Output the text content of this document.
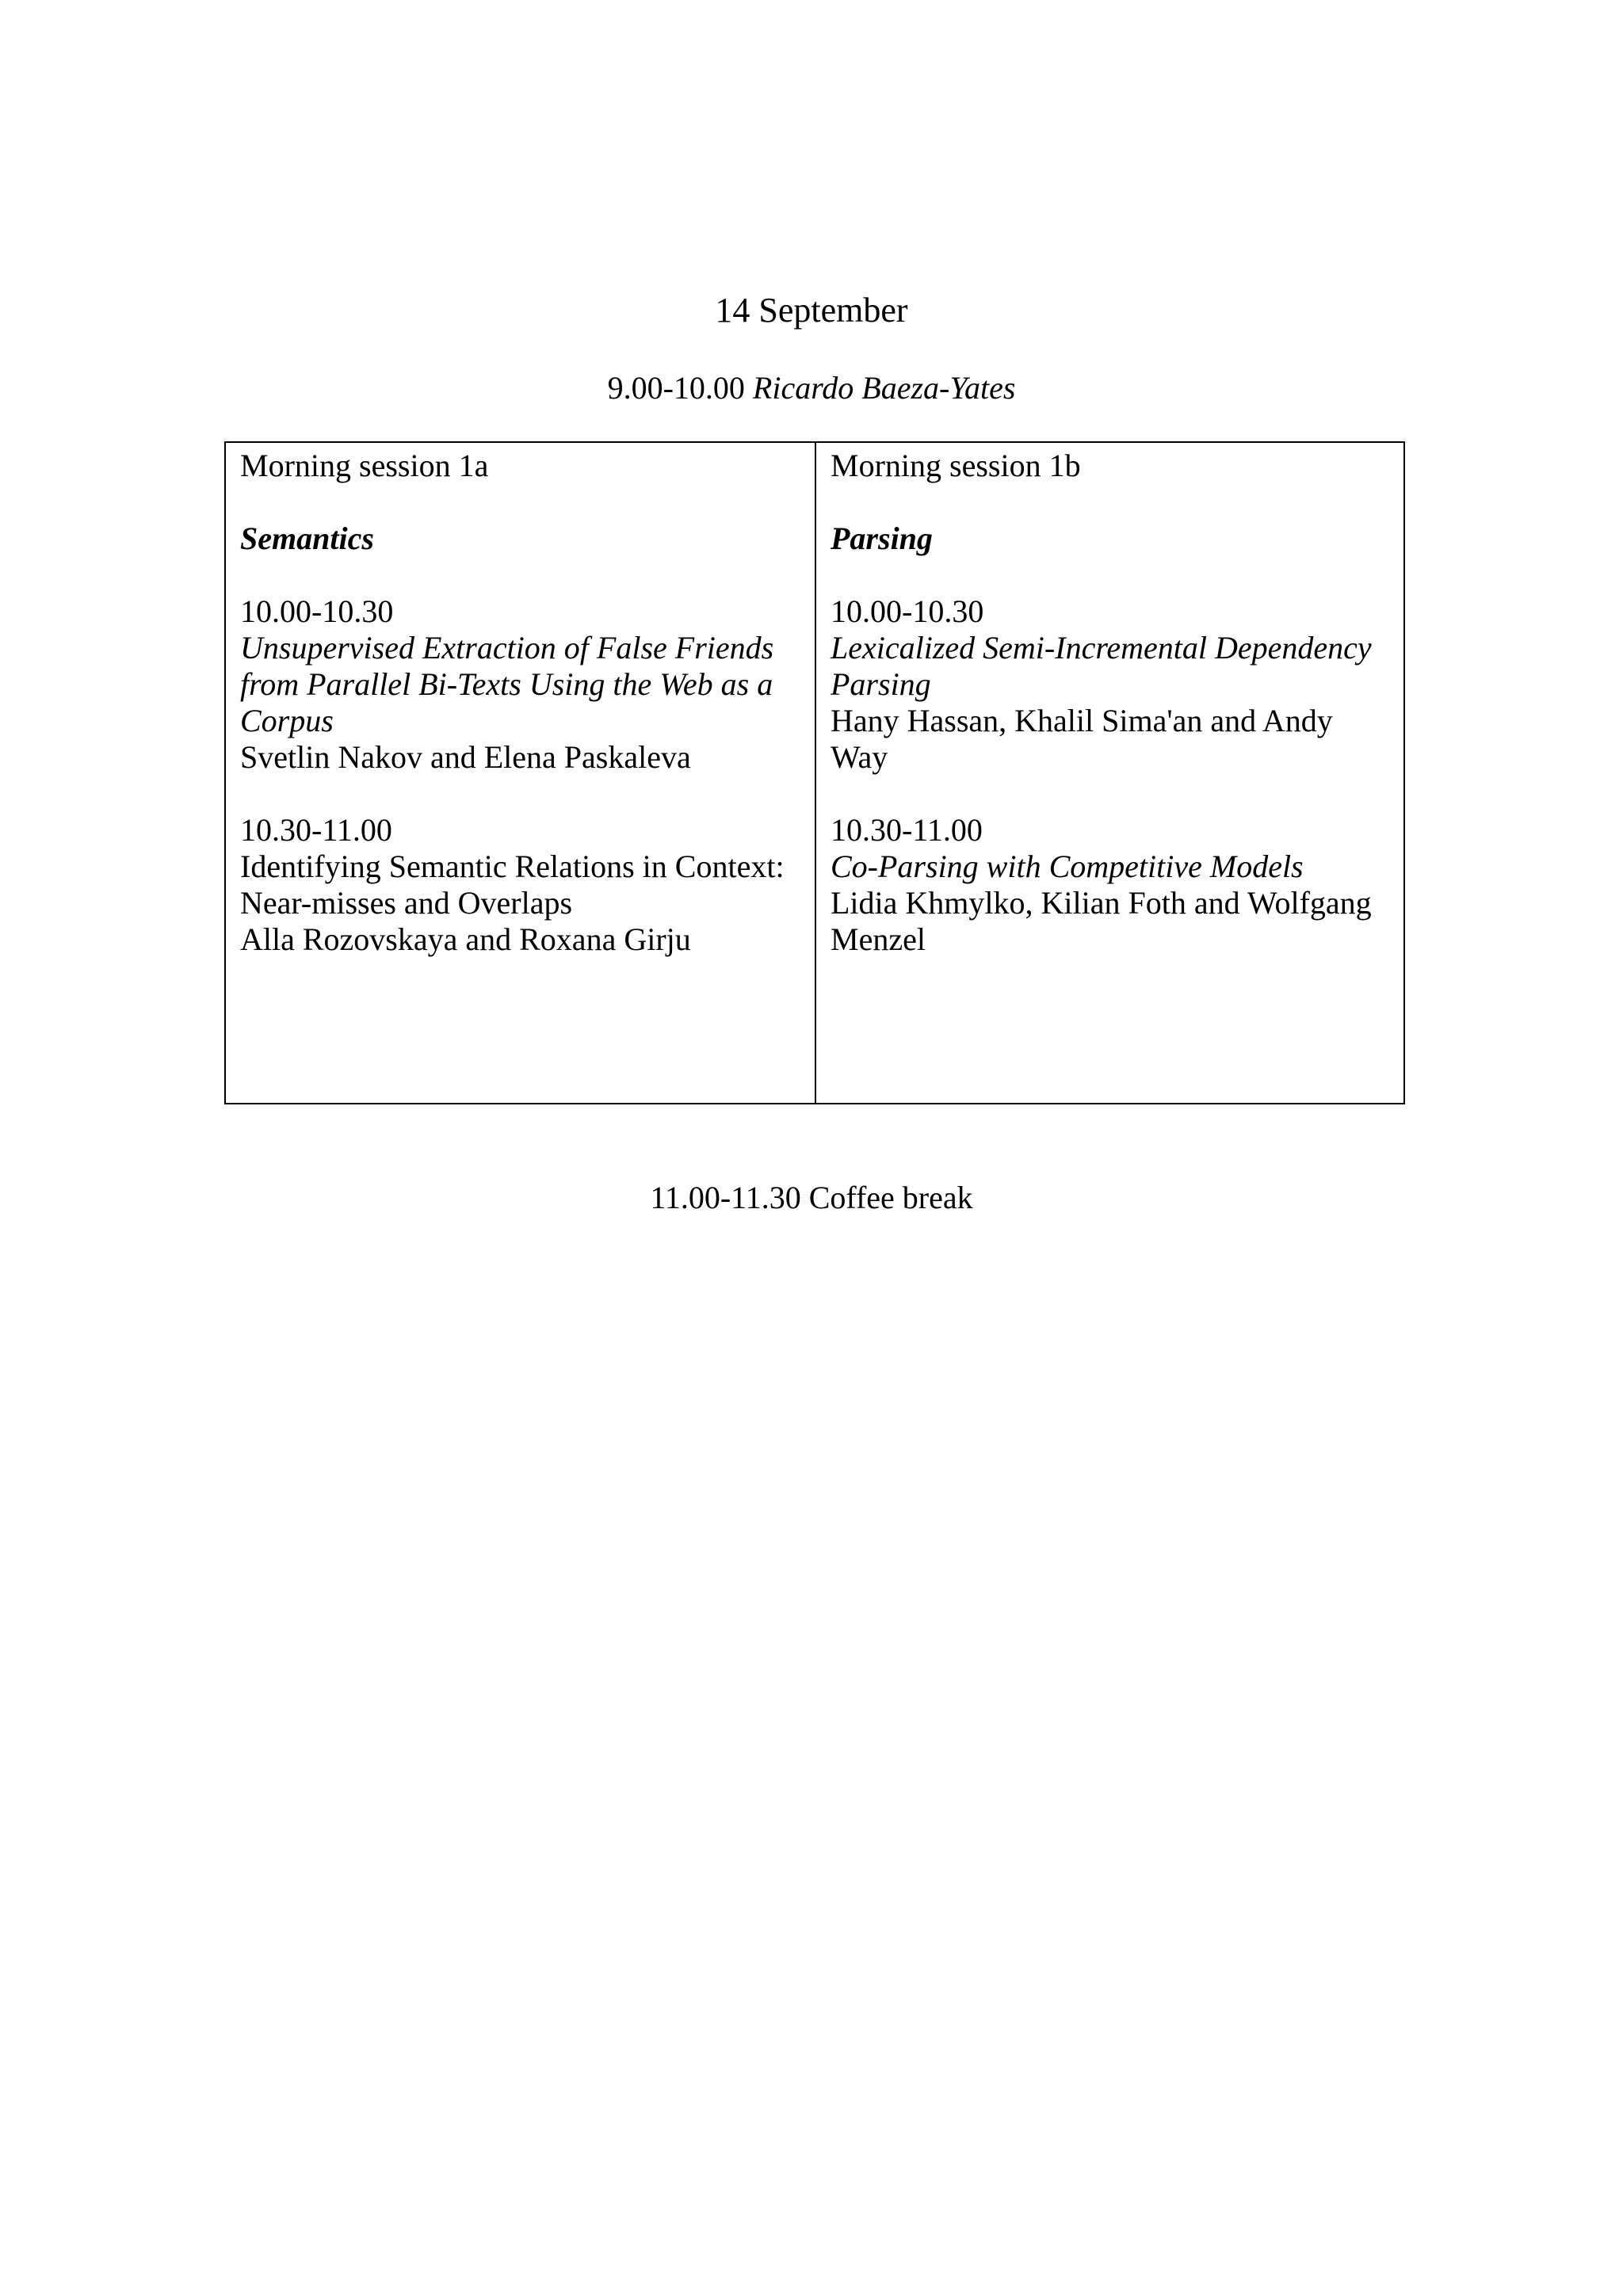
14 September
9.00-10.00 Ricardo Baeza-Yates
Morning session 1a
Semantics
10.00-10.30
Unsupervised Extraction of False Friends from Parallel Bi-Texts Using the Web as a Corpus
Svetlin Nakov and Elena Paskaleva
10.30-11.00
Identifying Semantic Relations in Context: Near-misses and Overlaps
Alla Rozovskaya and Roxana Girju
Morning session 1b
Parsing
10.00-10.30
Lexicalized Semi-Incremental Dependency Parsing
Hany Hassan, Khalil Sima'an and Andy Way
10.30-11.00
Co-Parsing with Competitive Models
Lidia Khmylko, Kilian Foth and Wolfgang Menzel
11.00-11.30 Coffee break
